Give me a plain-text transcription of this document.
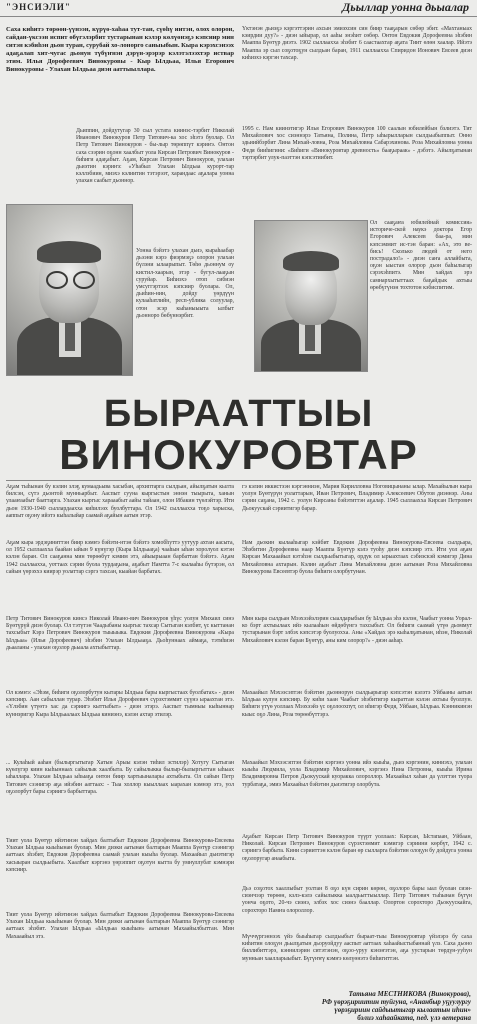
"ЭНСИЭЛИ"	Дьыллар уонна дьыалар
Саха киһитэ төрөөн-үүнээн, күрүө-хаһаа тут-тан, сүөһү иитэн, олох олорон, сайдан-үксээн испит өбүгэлэрбит тустарынан кэлэр көлүөнэҕэ кэпсиир мин ситэн кэбиһэн дьон туран, сурубай хо-лонорго саныыбын. Кыра кэрэхсэнээх адаҕалап хит-чугас дьонун түбүҥнэн дэрүн-эрэрэр кэлэтэлээхтэр иствар этим. Илья Дорофеевич Винокуровы - Кыр Ылдьаа, Илья Егорович Винокуровы - Улахан Ылдьаа диэн ааттыыллара.
Дьиппин, дойдутугар 30 сыл устата киинэс-тэрбит Николай Иванович Винокуров Петр Титович-ка хос эһэтэ буолар. Ол Петр Титович Винокуров - бы-лыр төрөппүт кэриҥэ. Онтон саха сээрин оҕонн хаалбыт уола Кирсан Петрович Винокуров - биһиги адаҕабыт. Аҕам, Кирсан Петрович Винокуров, улахан дьиэтин кэриҥэ: «Уһабыл Улахан Ылдьаа курорт-тар кэллэбиин, миэхэ кэлиитин тэтэрээт, харандаас аҕалара уонна улахан саабыт дьоннор.
Уонна бэйэтэ улахан дьиэ, кыраһаабар дьээни кэрэ фиэрмэҕэ олорон улахан бүлэни ылаарыпыт. Төһө дьоннум оу кистил-хаарын, этэр - бугул-лааҕын суруйар. Биһиэхэ отоп сибиэн умсуггэртээх кэпсиир буолара. Ол, дьиһин-нин, дойду үөрдүүн кулааһатлийн, респ-ублика солуулар, отон эсэр кыһаныыыта ылбыт дьонноро бөбүннэрбит.
Үктэнэн дьиэҕэ кэргэттэрин ахсын эмиэхсин син биир тааҕарын сөбөр эбит. «Махтаныах кэирдии дуу?» - диэн ыйырар, ол ааһы энэһит сөбөр. Онтон Евдокия Дорофеевна эһэбин Мааппа Бүөтүр диэтэ. 1902 сыллаахха эһэбит 6 саастаахтар аҕата Тиит өлөн хаалар. Ийэтэ Мааппа эр сыл соҕотоҕун сылдьан баран, 1911 сыллаахха Спиридон Ионович Евсеев диэн киһиэхэ кэргэн тахсар.
1995 с. Нам киинэтигэр Илья Егорович Винокуров 100 саалын юбилейбын бэлиэтэ. Тит Михайлович хос сиэннэрэ Татьяна, Полина, Петр ыһырылларын сылдьыбыппыт. Онно эдьиийбэрбит Лина Михай-ловна, Роза Михайловна Сабарэхинова. Роза Михайловна уонна Федя бииһигини: «Биһиги «Винокуровтар древность» бааҕыраак» - дэбэтэ. Айылҕатынан тэртэрбит улук-паэттэн кэпсэтиибит.
Ол сааҕаҥа юбилейнай комиссия» историче-ской наукэ доктора Егор Егорович Алексеев баа-ра, мин кэпсэммит ис-тэн баран: «Ах, это ве-бись! Сколько людей от него пострадало!» - диэн саҥа аллайбыта, оҕон ыыстан олорор дьон баһылыгар сэрэхэһпитэ. Мин хайдах эрэ самнархытыттаах баҕайдык ахтыы өрөбүгүнэн тохтотон кэбиспитим.
БЫРААТТЫЫ
ВИНОКУРОВТАР
Аҕам тыһынан бу кэлин элэҕ кумаадьыва хасыбан, архиптарга сылдьан, айылҕатын кылта билсэн, сүтэ дьонтой мунньарбыт. Ааспыт сууна кыргыстын эннэн тыырыта, ханын улааҥаабыт бааттарга. Улахан кыргыс харааабыт аайы тайаан, олон Ибакин түөлэйтэр. Ити дьон 1930-1940 сыллардаахха киһилээх буолбуттара. Ол 1942 сыллаахха тоҕо харыска, ааппыт оҕону ийэтэ кыһалыйар саамай аҕайын аатын этэр.
Аҕам кыра эрдэҕиниттэн биир кэмҥэ бэйэти-нтэн бэйэтэ хомобһуттэ уутуур ахтан аасыта, ол 1952 сыллаахха баайан ыйын 9 күнүгэр (Кыра Ылдьааҕа) чааһын ыһан хоролуол кэтэн кэлэн баран. Ол сааҕанна мин төрөөбүт кэмим этэ, айыырыаан барбаттан бэйэтэ. Аҕам 1942 сыллаахха, уоттаах сэрии буола турдаҕына, аҕабыт Намтта 7-с кылааһы бүтэрэн, ол сайын үөрэххэ киирэр уолаттар сэргэ тахсан, кыайан барбатах.
Петр Титович Винокуров кинсэ Николай Ивано-вич Винокуров үһүс уолун Михаил синэ Бүөтүрүй диэн буолар. Ол тэтүтэн Чаадыбаны кыргыс тахсар Сытыган кэлбит, үс кыттанан тахсыбыт Кэрэ Петрович Винокуров тыыыыка. Евдокия Дорофеевна Винокурова «Кыра Ылдьаа» (Илья Дорофеевич) эһэбин Улахан Ылдьааҕа. Дьоһуннаах аймаҕа, тэтиһиэн дьааланы - улахан оҕолор дьыала ахтыбыттар.
Ол кэмҥэ: «Эһэм, биһиги оҕолорбутун кытары Ылдьаа бары кыргыстаах буолбатах» - диэн кэпсиир. Аан сабыллан турар. Эһэбит Илья Дорофеевич сүрэхтэммит сүүнэ ыраахтан этэ. «Үлэбин үтүөтэ хас да сэриигэ кыттыбыт» - диэн этэрэ. Ааспыт тымныы кыһыннар күннэригэр Кыра Ылдьаалаах Ылдьаа киниэнэ, кэлэн ахтар этилэр.
... Кулаһый ааһан (былыргытыгар Хатын Арыы кэлэн тиһил эстилэр) Хотугу Сытыган күөлүгэр киин кыһыннаах сайылык хаалбыта. Бу сайылыкка былыр-былыргыттан ыһыах ыһаллара. Улахан Ылдьаа ыһыаҕа онтон биир хартыыналары ахтыбыта. Ол сайын Петр Титович сээнигэр аҕа ийэбин ааттаах: - Тыа холлор кыыллаах ыарахан кэмнэр этэ, уол оҕолорбут бары сэриигэ барбыттара.
Тиит уола Бүөтүр ийэтинэн хайдах балтыбыт Евдокия Дорофеевна Винокурова-Евсеева Улахан Ылдьаа кыыһынан буолар. Мин диэки аатынан балтарын Мааппа Бүөтүр сээнигэр ааттаах эһэбит, Евдокия Дорофеевна саамай улахан кыыһа буолар. Махаайыл дьиэтигэр хасыыран сылдьыбыта. Хаалбыт кэргэнэ үөрэппит оҕотун кытта бу умнуллубат кэмнэри кэпсиир.
Тиит уола Бүөтүр ийэтинэн хайдах балтыбыт Евдокия Дорофеевна Винокурова-Евсеева Улахан Ылдьаа кыыһынан буолар. Мин диэки аатынан балтарын Мааппа Бүөтүр сээнигэр ааттаах эһэбит. Улахан Ылдьаа «Ылдьаа кыыһын» аатынан Махаайылбыттан. Мин Махааайыл этэ.
гэ кэлин иккистээн кэргэнниэн, Мария Кирилловна Ноговицынаны ылар. Махайылын кыра уолун Бүөтүрүн уолаттарын, Иван Петрович, Владимир Алексеевич Обутов диэннэр. Аны сэрии саҕана, 1942 с. уолун Кирсаны бэйэтиттэн аҕалар. 1945 сыллаахха Кирсан Петрович Дьокуускай сэриитигэр барар.
Нам дьокин кылааһыгар кэйбит Евдокия Дорофеевна Винокурова-Евсеева сылдьара, Эһэбитин Дорофеевна наар Мааппа Бүөтүр кэлэ туоһу диэн кэпсиир этэ. Ити уол аҕам Кирсан Махааайыл кэтэһэн сылдьыбытыгар, ордук ол ырыахтаах сэбиэскэй кэмигэр Дина Михайловна ахтарын. Кэлин аҕабыт Лина Михайловна диэн аатынан Роза Михайловна Винокурова Евсеевтэр буола биһиги олорбутунан.
Мин кыра сылдьан Мээхээйэлэрин сыалдарыбын бу Ылдьаа эһэ кэлэн, Чаабыт уонна Уорал-ко бэрт ахтыылаах ийэ кылааһын өйдөбүнгэ тахсыбыт. Ол биһиги саамай үтүө дьоммут тустарынан бэрт элбэх кэпсэтэр буолуохха. Аны «Хайдах эрэ кыһалҕатынан, иһэн, Николай Михайлович кэлэн баран Бүөтүр, аны ким олорор?» - диэн ааһар.
Махаайыл Мэхээсэптэн бэйэтин дьоннорун сылдьарыгар кэпсэтэн кэлэтэ Уйбааны аатын Ылдьаа кулун кэпсиир. Бу киһи хаан Чаабыт эһэбитигэр кыраттан кэлэн ахтыы буоллун. Биһиги үтүө уоллаах Мээхээйэ үс оҕолоохпут, ол иһигэр Федя, Уйбаан, Ылдьаа. Кэнникинэн кыыс оҕо Лина, Роза төрөөбүттэрэ.
Махаайыл Мэхээсэптэн бэйэтин кэргэнэ уонна ийэ кыыһа, дьиэ кэргэнин, киниэхэ, улахан кыыһа Людмила, уола Владимир Михайлович, кэргэнэ Нина Петровна, кыыһа Ирина Владимировна Петров Дьокуускай куоракка олороллор. Махаайыл хаһан да үлэттэн туора турбатаҕа, эмиэ Махаайыл бэйэтин дьиэтигэр олорбута.
Аҕабыт Кирсан Петр Титович Винокуров түүрт уоллаах: Кирсан, Ыстапаан, Уйбаан, Николай. Кирсан Петрович Винокуров сүрэхтэммит кэмигэр сэриини көрбүт, 1942 с. сэриигэ барбыта. Кини сэрииттэн кэлэн баран өр сылларга бэйэтин олоҕун бу дойдуга уонна оҕолоругар анаабыта.
Дьэ соҕотох хааллыбыт уолтан 8 оҕо күн сирин көрөн, оҕолоро бары ыал буолан сиэн-сиэнчээр төрөөн, кэлэ-кэлэ сайылыкка ыалдьыттыыллар. Петр Титович тыһынан бүгүн уонча оҕото, 20-чэ сиэнэ, элбэх хос сиэнэ бааллар. Олортон сорохторо Дьокуускайга, сорохторо Намҥа олороллор.
Мүччүргэннээх үйэ быыһыгар сылдьыбыт быраат-тыы Винокуровтар үйэлэрэ бу саха киһитин олоҕун дьылҕатын дьоруойдуу ааспыт ааттаах хаһаайыстыбаннай үлэ. Саха дьоно биллибиттэрэ, кэннилэрин ситэтэнэн, оҕоо-уруу кэнэҥэтэн, аҕа уустарын төрдүн-ууһун мунньан хаалларыыбыт. Бүгүҥҥү кэмҥэ көлүөнэтэ биһигиттэн.
Татьяна МЕСТНИКОВА (Винокурова),
РФ үөрэҕириитин туйгуна, «Ананбыр уҕуулургу
үөрэҕириин сайдыытыгар кылаатын иһин»
бэлиэ хаһаайката, пед. үлэ ветерана
